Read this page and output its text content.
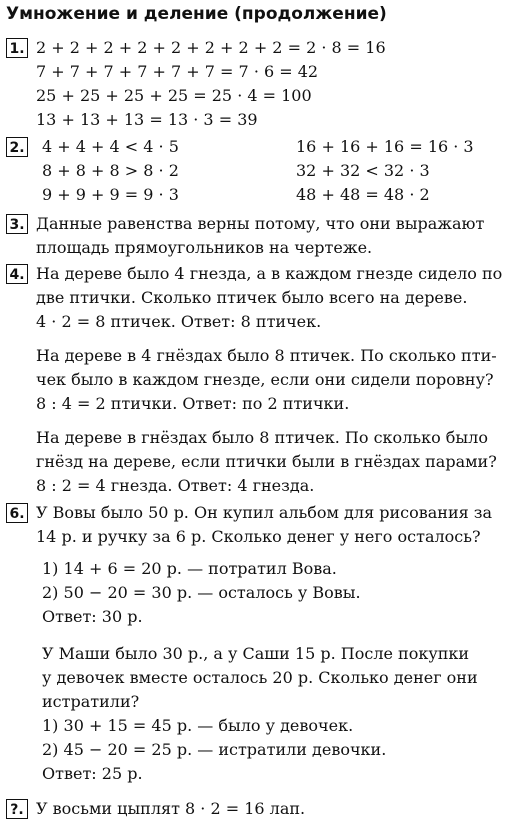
Умножение и деление (продолжение)
1. 2 + 2 + 2 + 2 + 2 + 2 + 2 + 2 = 2 · 8 = 16
7 + 7 + 7 + 7 + 7 + 7 = 7 · 6 = 42
25 + 25 + 25 + 25 = 25 · 4 = 100
13 + 13 + 13 = 13 · 3 = 39
2. 4 + 4 + 4 < 4 · 5
8 + 8 + 8 > 8 · 2
9 + 9 + 9 = 9 · 3
16 + 16 + 16 = 16 · 3
32 + 32 < 32 · 3
48 + 48 = 48 · 2
3. Данные равенства верны потому, что они выражают
площадь прямоугольников на чертеже.
4. На дереве было 4 гнезда, а в каждом гнезде сидело по
две птички. Сколько птичек было всего на дереве.
4 · 2 = 8 птичек. Ответ: 8 птичек.
На дереве в 4 гнёздах было 8 птичек. По сколько пти-
чек было в каждом гнезде, если они сидели поровну?
8 : 4 = 2 птички. Ответ: по 2 птички.
На дереве в гнёздах было 8 птичек. По сколько было
гнёзд на дереве, если птички были в гнёздах парами?
8 : 2 = 4 гнезда. Ответ: 4 гнезда.
6. У Вовы было 50 р. Он купил альбом для рисования за
14 р. и ручку за 6 р. Сколько денег у него осталось?
1) 14 + 6 = 20 р. — потратил Вова.
2) 50 − 20 = 30 р. — осталось у Вовы.
Ответ: 30 р.
У Маши было 30 р., а у Саши 15 р. После покупки
у девочек вместе осталось 20 р. Сколько денег они
истратили?
1) 30 + 15 = 45 р. — было у девочек.
2) 45 − 20 = 25 р. — истратили девочки.
Ответ: 25 р.
?. У восьми цыплят 8 · 2 = 16 лап.
